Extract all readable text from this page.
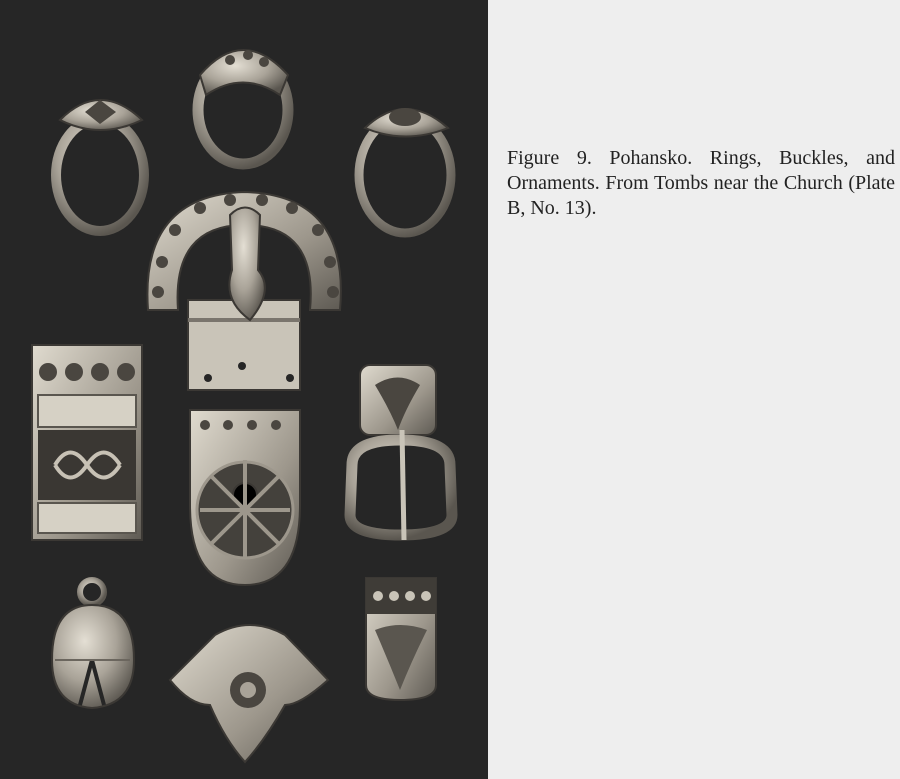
Figure 9. Pohansko. Rings, Buckles, and Ornaments. From Tombs near the Church (Plate B, No. 13).
